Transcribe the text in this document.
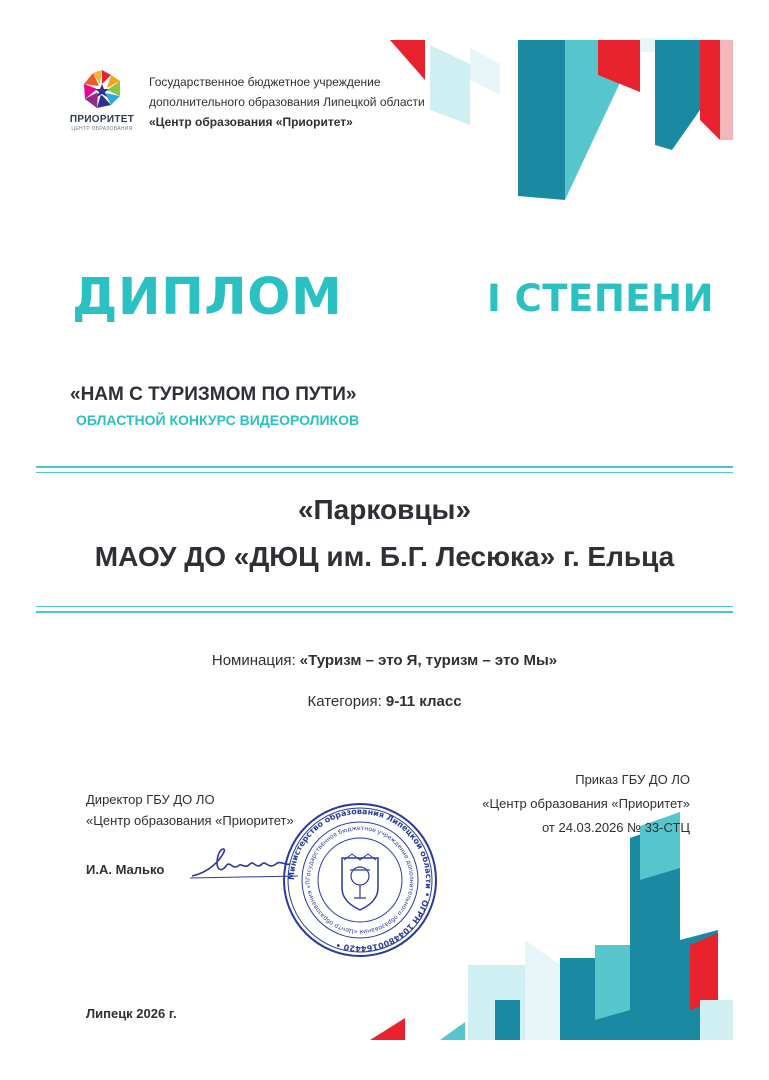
ПРИОРИТЕТ
ЦЕНТР ОБРАЗОВАНИЯ
Государственное бюджетное учреждение
дополнительного образования Липецкой области
«Центр образования «Приоритет»
ДИПЛОМ	I СТЕПЕНИ
«НАМ С ТУРИЗМОМ ПО ПУТИ»
ОБЛАСТНОЙ КОНКУРС ВИДЕОРОЛИКОВ
«Парковцы»
МАОУ ДО «ДЮЦ им. Б.Г. Лесюка» г. Ельца
Номинация: «Туризм – это Я, туризм – это Мы»
Категория: 9-11 класс
Директор ГБУ ДО ЛО
«Центр образования «Приоритет»
И.А. Малько	Министерство образования Липецкой области • ОГРН 1044800164420 •
Государственное бюджетное учреждение дополнительного образования «Центр образования «П
Приказ ГБУ ДО ЛО
«Центр образования «Приоритет»
от 24.03.2026 № 33-СТЦ
Липецк 2026 г.
